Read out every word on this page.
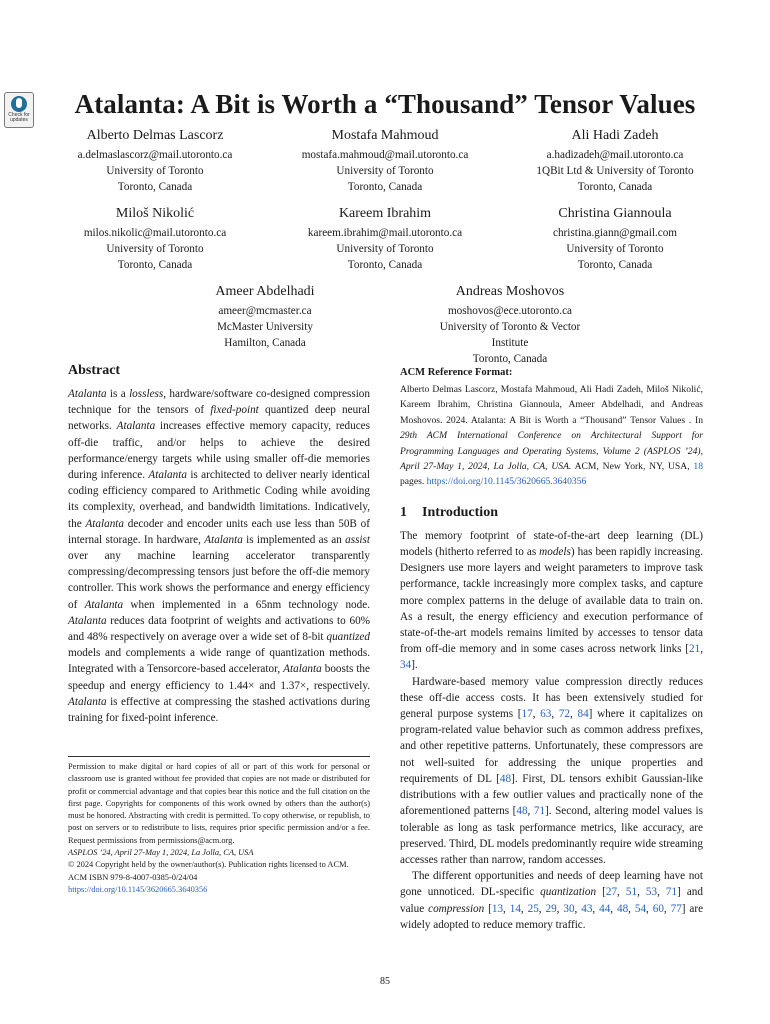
Check for updates
Atalanta: A Bit is Worth a “Thousand” Tensor Values
Alberto Delmas Lascorz
a.delmaslascorz@mail.utoronto.ca
University of Toronto
Toronto, Canada
Mostafa Mahmoud
mostafa.mahmoud@mail.utoronto.ca
University of Toronto
Toronto, Canada
Ali Hadi Zadeh
a.hadizadeh@mail.utoronto.ca
1QBit Ltd & University of Toronto
Toronto, Canada
Miloš Nikolić
milos.nikolic@mail.utoronto.ca
University of Toronto
Toronto, Canada
Kareem Ibrahim
kareem.ibrahim@mail.utoronto.ca
University of Toronto
Toronto, Canada
Christina Giannoula
christina.giann@gmail.com
University of Toronto
Toronto, Canada
Ameer Abdelhadi
ameer@mcmaster.ca
McMaster University
Hamilton, Canada
Andreas Moshovos
moshovos@ece.utoronto.ca
University of Toronto & Vector Institute
Toronto, Canada
Abstract

Atalanta is a lossless, hardware/software co-designed compression technique for the tensors of fixed-point quantized deep neural networks. Atalanta increases effective memory capacity, reduces off-die traffic, and/or helps to achieve the desired performance/energy targets while using smaller off-die memories during inference. Atalanta is architected to deliver nearly identical coding efficiency compared to Arithmetic Coding while avoiding its complexity, overhead, and bandwidth limitations. Indicatively, the Atalanta decoder and encoder units each use less than 50B of internal storage. In hardware, Atalanta is implemented as an assist over any machine learning accelerator transparently compressing/decompressing tensors just before the off-die memory controller. This work shows the performance and energy efficiency of Atalanta when implemented in a 65nm technology node. Atalanta reduces data footprint of weights and activations to 60% and 48% respectively on average over a wide set of 8-bit quantized models and complements a wide range of quantization methods. Integrated with a Tensorcore-based accelerator, Atalanta boosts the speedup and energy efficiency to 1.44× and 1.37×, respectively. Atalanta is effective at compressing the stashed activations during training for fixed-point inference.

Permission to make digital or hard copies of all or part of this work for personal or classroom use is granted without fee provided that copies are not made or distributed for profit or commercial advantage and that copies bear this notice and the full citation on the first page. Copyrights for components of this work owned by others than the author(s) must be honored. Abstracting with credit is permitted. To copy otherwise, or republish, to post on servers or to redistribute to lists, requires prior specific permission and/or a fee. Request permissions from permissions@acm.org.

ASPLOS ’24, April 27-May 1, 2024, La Jolla, CA, USA

© 2024 Copyright held by the owner/author(s). Publication rights licensed to ACM.

ACM ISBN 979-8-4007-0385-0/24/04

https://doi.org/10.1145/3620665.3640356

ACM Reference Format:

Alberto Delmas Lascorz, Mostafa Mahmoud, Ali Hadi Zadeh, Miloš Nikolić, Kareem Ibrahim, Christina Giannoula, Ameer Abdelhadi, and Andreas Moshovos. 2024. Atalanta: A Bit is Worth a “Thousand” Tensor Values . In 29th ACM International Conference on Architectural Support for Programming Languages and Operating Systems, Volume 2 (ASPLOS ’24), April 27-May 1, 2024, La Jolla, CA, USA. ACM, New York, NY, USA, 18 pages. https://doi.org/10.1145/3620665.3640356

1 Introduction

The memory footprint of state-of-the-art deep learning (DL) models (hitherto referred to as models) has been rapidly increasing. Designers use more layers and weight parameters to improve task performance, tackle increasingly more complex tasks, and capture more complex patterns in the deluge of available data to train on. As a result, the energy efficiency and execution performance of state-of-the-art models remains limited by accesses to tensor data from off-die memory and in some cases across network links [21, 34].

Hardware-based memory value compression directly reduces these off-die access costs. It has been extensively studied for general purpose systems [17, 63, 72, 84] where it capitalizes on program-related value behavior such as common address prefixes, and other repetitive patterns. Unfortunately, these compressors are not well-suited for addressing the unique properties and requirements of DL [48]. First, DL tensors exhibit Gaussian-like distributions with a few outlier values and practically none of the aforementioned patterns [48, 71]. Second, altering model values is tolerable as long as task performance metrics, like accuracy, are preserved. Third, DL models predominantly require wide streaming accesses rather than narrow, random accesses.

The different opportunities and needs of deep learning have not gone unnoticed. DL-specific quantization [27, 51, 53, 71] and value compression [13, 14, 25, 29, 30, 43, 44, 48, 54, 60, 77] are widely adopted to reduce memory traffic.

85
